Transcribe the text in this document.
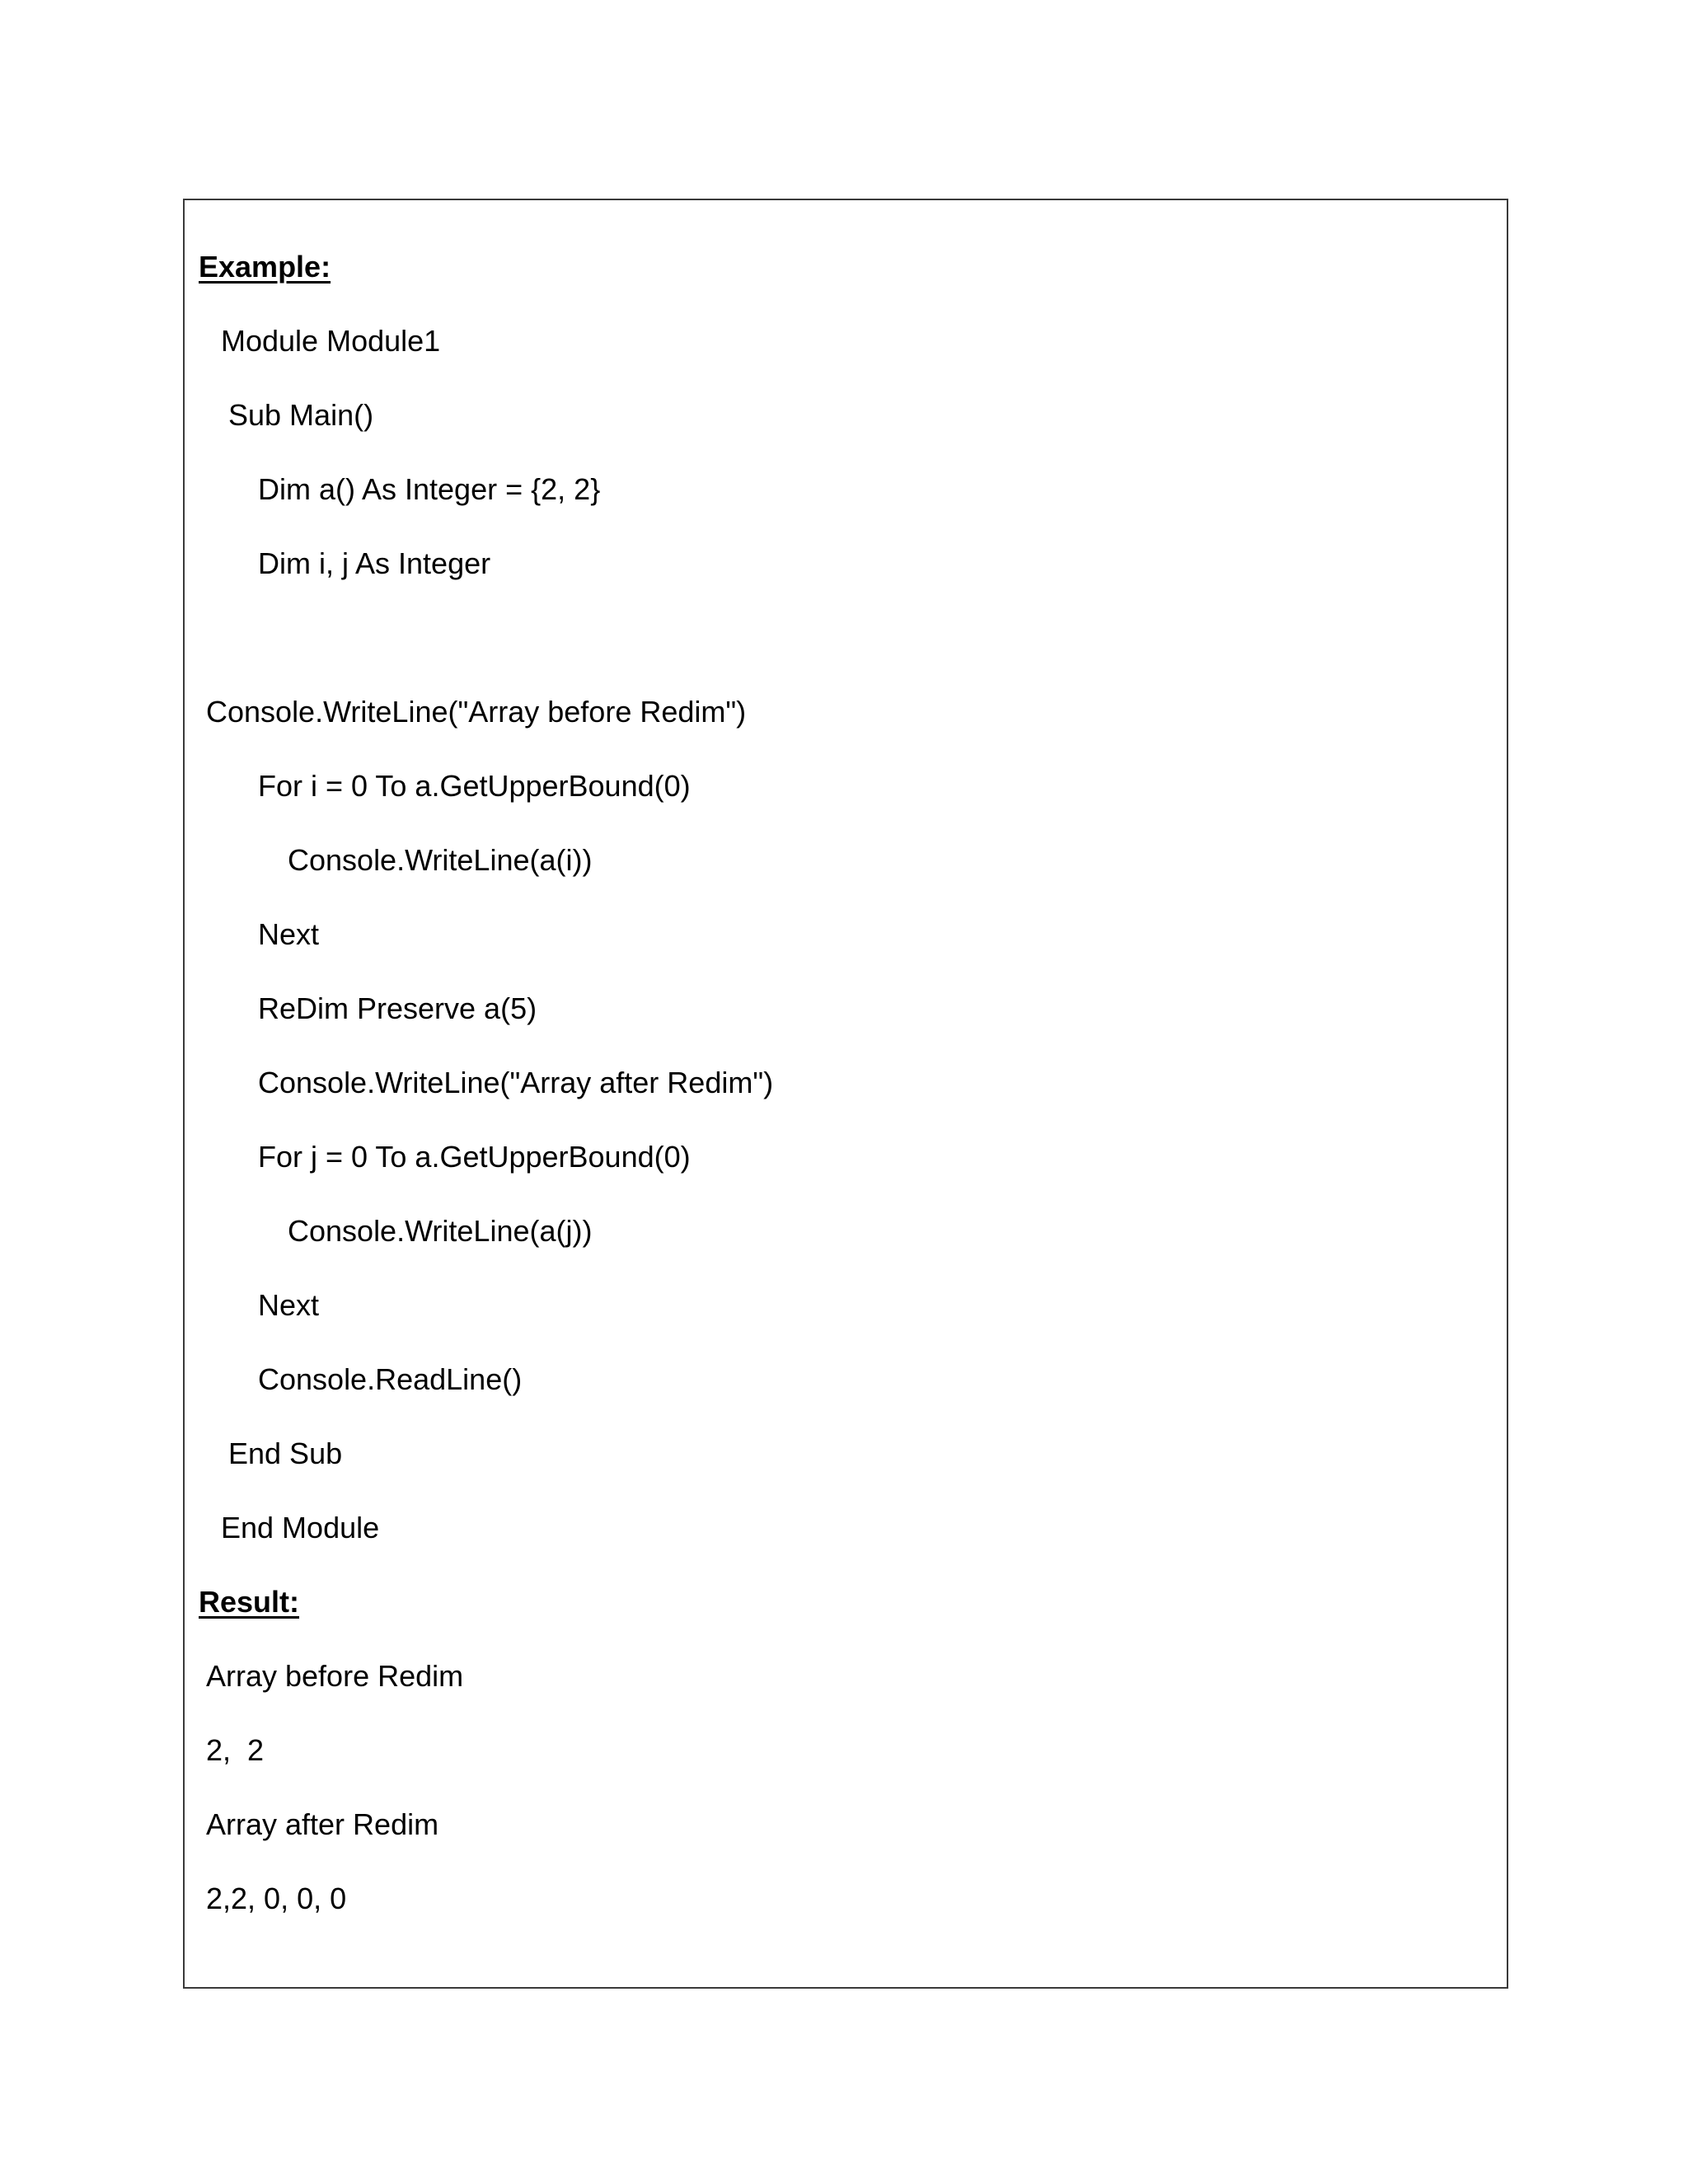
Example:
Module Module1
Sub Main()
Dim a() As Integer = {2, 2}
Dim i, j As Integer
Console.WriteLine("Array before Redim")
For i = 0 To a.GetUpperBound(0)
Console.WriteLine(a(i))
Next
ReDim Preserve a(5)
Console.WriteLine("Array after Redim")
For j = 0 To a.GetUpperBound(0)
Console.WriteLine(a(j))
Next
Console.ReadLine()
End Sub
End Module
Result:
Array before Redim
2,  2
Array after Redim
2,2, 0, 0, 0
